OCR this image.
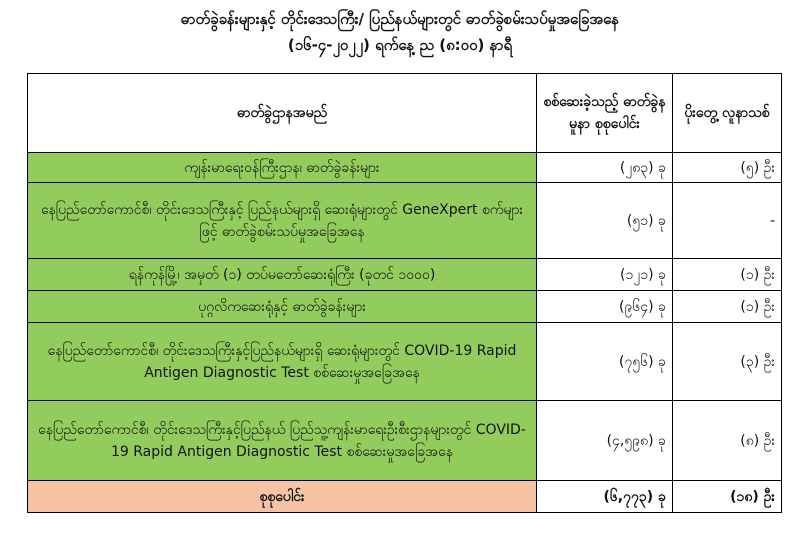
ဓာတ်ခွဲခန်းများနှင့် တိုင်းဒေသကြီး/ ပြည်နယ်များတွင် ဓာတ်ခွဲစမ်းသပ်မှုအခြေအနေ
(၁၆-၄-၂၀၂၂) ရက်နေ့ ည (၈:၀၀) နာရီ
ဓာတ်ခွဲဌာနအမည်	စစ်ဆေးခဲ့သည့် ဓာတ်ခွဲနမူနာ စုစုပေါင်း	ပိုးတွေ့ လူနာသစ်
ကျန်းမာရေးဝန်ကြီးဌာန၊ ဓာတ်ခွဲခန်းများ	(၂၈၃) ခု	(၅) ဦး
နေပြည်တော်ကောင်စီ၊ တိုင်းဒေသကြီးနှင့် ပြည်နယ်များရှိ ဆေးရုံများတွင် GeneXpert စက်များဖြင့် ဓာတ်ခွဲစမ်းသပ်မှုအခြေအနေ	(၅၁) ခု	-
ရန်ကုန်မြို့၊ အမှတ် (၁) တပ်မတော်ဆေးရုံကြီး (ခုတင် ၁၀၀၀)	(၁၂၁) ခု	(၁) ဦး
ပုဂ္ဂလိကဆေးရုံနှင့် ဓာတ်ခွဲခန်းများ	(၉၆၄) ခု	(၁) ဦး
နေပြည်တော်ကောင်စီ၊ တိုင်းဒေသကြီးနှင့်ပြည်နယ်များရှိ ဆေးရုံများတွင် COVID-19 Rapid Antigen Diagnostic Test စစ်ဆေးမှုအခြေအနေ	(၇၅၆) ခု	(၃) ဦး
နေပြည်တော်ကောင်စီ၊ တိုင်းဒေသကြီးနှင့်ပြည်နယ် ပြည်သူ့ကျန်းမာရေးဦးစီးဌာနများတွင် COVID-19 Rapid Antigen Diagnostic Test စစ်ဆေးမှုအခြေအနေ	(၄,၅၉၈) ခု	(၈) ဦး
စုစုပေါင်း	(၆,၇၇၃) ခု	(၁၈) ဦး
